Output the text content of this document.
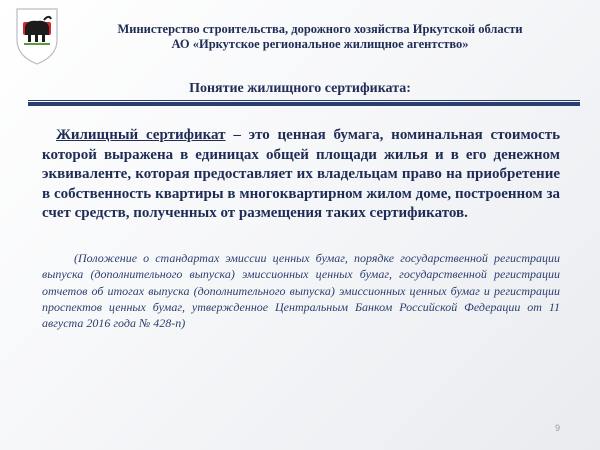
Министерство строительства, дорожного хозяйства Иркутской области
АО «Иркутское региональное жилищное агентство»
Понятие жилищного сертификата:
Жилищный сертификат – это ценная бумага, номинальная стоимость которой выражена в единицах общей площади жилья и в его денежном эквиваленте, которая предоставляет их владельцам право на приобретение в собственность квартиры в многоквартирном жилом доме, построенном за счет средств, полученных от размещения таких сертификатов.
(Положение о стандартах эмиссии ценных бумаг, порядке государственной регистрации выпуска (дополнительного выпуска) эмиссионных ценных бумаг, государственной регистрации отчетов об итогах выпуска (дополнительного выпуска) эмиссионных ценных бумаг и регистрации проспектов ценных бумаг, утвержденное Центральным Банком Российской Федерации от 11 августа 2016 года № 428-п)
9
